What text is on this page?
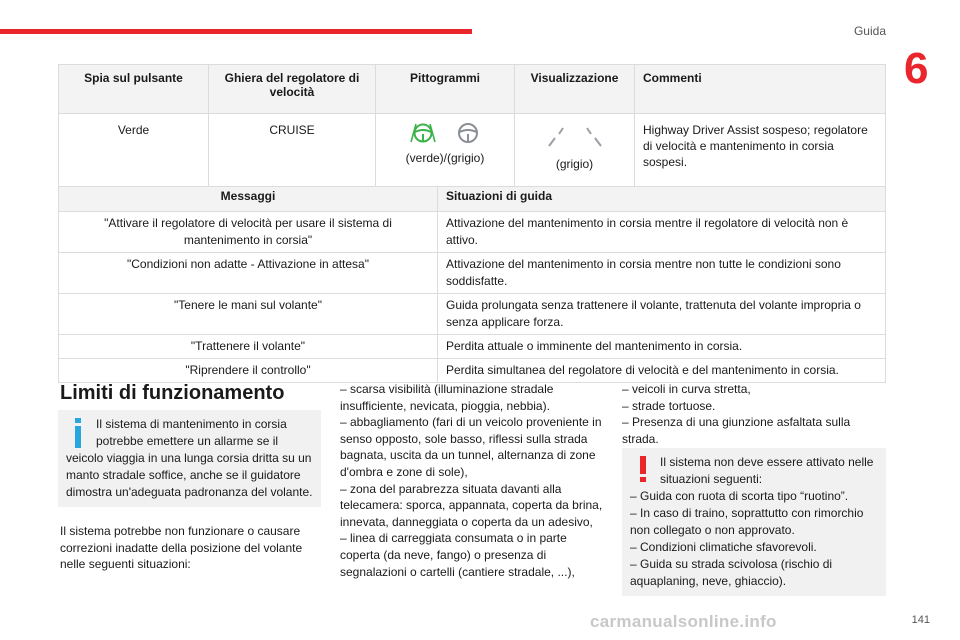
Guida
6
Spia sul pulsante	Ghiera del regolatore di velocità	Pittogrammi	Visualizzazione	Commenti
Verde	CRUISE	(verde)/(grigio)	(grigio)	Highway Driver Assist sospeso; regolatore di velocità e mantenimento in corsia sospesi.
Messaggi	Situazioni di guida
"Attivare il regolatore di velocità per usare il sistema di mantenimento in corsia"	Attivazione del mantenimento in corsia mentre il regolatore di velocità non è attivo.
"Condizioni non adatte - Attivazione in attesa"	Attivazione del mantenimento in corsia mentre non tutte le condizioni sono soddisfatte.
"Tenere le mani sul volante"	Guida prolungata senza trattenere il volante, trattenuta del volante impropria o senza applicare forza.
"Trattenere il volante"	Perdita attuale o imminente del mantenimento in corsia.
"Riprendere il controllo"	Perdita simultanea del regolatore di velocità e del mantenimento in corsia.
Limiti di funzionamento
Il sistema di mantenimento in corsia potrebbe emettere un allarme se il veicolo viaggia in una lunga corsia dritta su un manto stradale soffice, anche se il guidatore dimostra un'adeguata padronanza del volante.
Il sistema potrebbe non funzionare o causare correzioni inadatte della posizione del volante nelle seguenti situazioni:
– scarsa visibilità (illuminazione stradale insufficiente, nevicata, pioggia, nebbia).
– abbagliamento (fari di un veicolo proveniente in senso opposto, sole basso, riflessi sulla strada bagnata, uscita da un tunnel, alternanza di zone d'ombra e zone di sole),
– zona del parabrezza situata davanti alla telecamera: sporca, appannata, coperta da brina, innevata, danneggiata o coperta da un adesivo,
– linea di carreggiata consumata o in parte coperta (da neve, fango) o presenza di segnalazioni o cartelli (cantiere stradale, ...),
– veicoli in curva stretta,
– strade tortuose.
– Presenza di una giunzione asfaltata sulla strada.
Il sistema non deve essere attivato nelle situazioni seguenti:
– Guida con ruota di scorta tipo “ruotino”.
– In caso di traino, soprattutto con rimorchio non collegato o non approvato.
– Condizioni climatiche sfavorevoli.
– Guida su strada scivolosa (rischio di aquaplaning, neve, ghiaccio).
carmanualsonline.info	141
